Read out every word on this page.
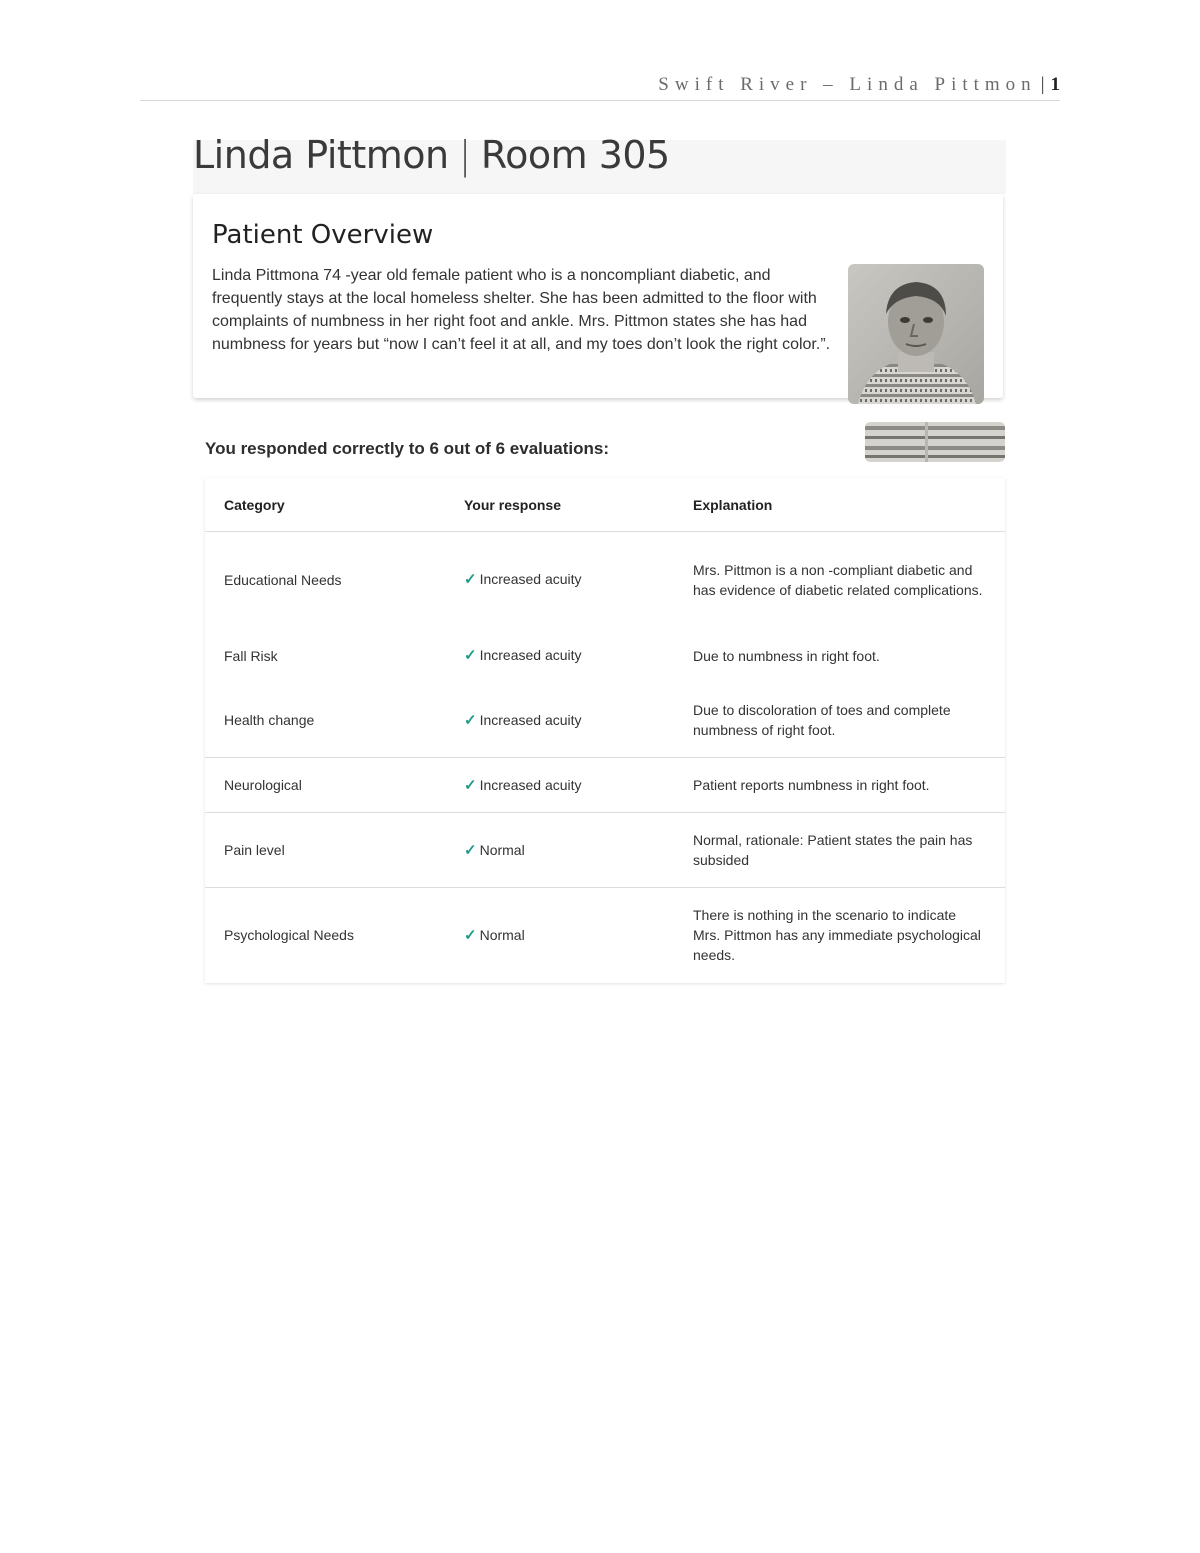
Swift River – Linda Pittmon | 1
Linda Pittmon | Room 305
Patient Overview
Linda Pittmona 74 -year old female patient who is a noncompliant diabetic, and frequently stays at the local homeless shelter. She has been admitted to the floor with complaints of numbness in her right foot and ankle. Mrs. Pittmon states she has had numbness for years but “now I can’t feel it at all, and my toes don’t look the right color.”.
You responded correctly to 6 out of 6 evaluations:
Category	Your response	Explanation
Educational Needs	✓ Increased acuity	Mrs. Pittmon is a non -compliant diabetic and has evidence of diabetic related complications.
Fall Risk	✓ Increased acuity	Due to numbness in right foot.
Health change	✓ Increased acuity	Due to discoloration of toes and complete numbness of right foot.
Neurological	✓ Increased acuity	Patient reports numbness in right foot.
Pain level	✓ Normal	Normal, rationale: Patient states the pain has subsided
Psychological Needs	✓ Normal	There is nothing in the scenario to indicate Mrs. Pittmon has any immediate psychological needs.
